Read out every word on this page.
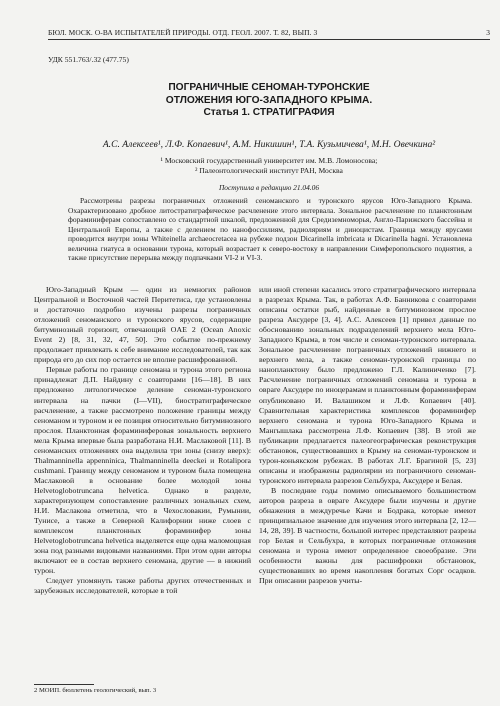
БЮЛ. МОСК. О-ВА ИСПЫТАТЕЛЕЙ ПРИРОДЫ. ОТД. ГЕОЛ. 2007. Т. 82, ВЫП. 3	3
УДК 551.763/.32 (477.75)
ПОГРАНИЧНЫЕ СЕНОМАН-ТУРОНСКИЕ
ОТЛОЖЕНИЯ ЮГО-ЗАПАДНОГО КРЫМА.
Статья 1. СТРАТИГРАФИЯ
А.С. Алексеев¹, Л.Ф. Копаевич¹, А.М. Никишин¹, Т.А. Кузьмичева¹, М.Н. Овечкина²
¹ Московский государственный университет им. М.В. Ломоносова;
² Палеонтологический институт РАН, Москва
Поступила в редакцию 21.04.06
Рассмотрены разрезы пограничных отложений сеноманского и туронского ярусов Юго-Западного Крыма. Охарактеризовано дробное литостратиграфическое расчленение этого интервала. Зональное расчленение по планктонным фораминиферам сопоставлено со стандартной шкалой, предложенной для Средиземноморья, Англо-Парижского бассейна и Центральной Европы, а также с делением по нанофоссилиям, радиоляриям и диноцистам. Граница между ярусами проводится внутри зоны Whiteinella archaeocretacea на рубеже подзон Dicarinella imbricata и Dicarinella hagni. Установлена величина гиатуса в основании турона, который возрастает к северо-востоку в направлении Симферопольского поднятия, а также присутствие перерыва между подпачками VI-2 и VI-3.

Юго-Западный Крым — один из немногих районов Центральной и Восточной частей Перитетиса, где установлены и достаточно подробно изучены разрезы пограничных отложений сеноманского и туронского ярусов, содержащие битуминозный горизонт, отвечающий OAE 2 (Ocean Anoxic Event 2) [8, 31, 32, 47, 50]. Это событие по-прежнему продолжает привлекать к себе внимание исследователей, так как природа его до сих пор остается не вполне расшифрованной.

Первые работы по границе сеномана и турона этого региона принадлежат Д.П. Найдину с соавторами [16—18]. В них предложено литологическое деление сеноман-туронского интервала на пачки (I—VII), биостратиграфическое расчленение, а также рассмотрено положение границы между сеноманом и туроном и ее позиция относительно битуминозного прослоя. Планктонная фораминиферовая зональность верхнего мела Крыма впервые была разработана Н.И. Маслаковой [11]. В сеноманских отложениях она выделила три зоны (снизу вверх): Thalmanninella appenninica, Thalmanninella deeckei и Rotalipora cushmani. Границу между сеноманом и туроном была помещена Маслаковой в основание более молодой зоны Helvetoglobotruncana helvetica. Однако в разделе, характеризующем сопоставление различных зональных схем, Н.И. Маслакова отметила, что в Чехословакии, Румынии, Тунисе, а также в Северной Калифорнии ниже слоев с комплексом планктонных фораминифер зоны Helvetoglobotruncana helvetica выделяется еще одна маломощная зона под разными видовыми названиями. При этом одни авторы включают ее в состав верхнего сеномана, другие — в нижний турон.

Следует упомянуть также работы других отечественных и зарубежных исследователей, которые в той

или иной степени касались этого стратиграфического интервала в разрезах Крыма. Так, в работах А.Ф. Банникова с соавторами описаны остатки рыб, найденные в битуминозном прослое разреза Аксудере [3, 4]. А.С. Алексеев [1] привел данные по обоснованию зональных подразделений верхнего мела Юго-Западного Крыма, в том числе и сеноман-туронского интервала. Зональное расчленение пограничных отложений нижнего и верхнего мела, а также сеноман-туронской границы по нанопланктону было предложено Г.Л. Калиниченко [7]. Расчленение пограничных отложений сеномана и турона в овраге Аксудере по иноцерамам и планктонным фораминиферам опубликовано И. Валашиком и Л.Ф. Копаевич [40]. Сравнительная характеристика комплексов фораминифер верхнего сеномана и турона Юго-Западного Крыма и Мангышлака рассмотрена Л.Ф. Копаевич [38]. В этой же публикации предлагается палеогеографическая реконструкция обстановок, существовавших в Крыму на сеноман-туронском и турон-коньякском рубежах. В работах Л.Г. Брагиной [5, 23] описаны и изображены радиолярии из пограничного сеноман-туронского интервала разрезов Сельбухра, Аксудере и Белая.

В последние годы помимо описываемого большинством авторов разреза в овраге Аксудере были изучены и другие обнажения в междуречье Качи и Бодрака, которые имеют принципиальное значение для изучения этого интервала [2, 12—14, 28, 39]. В частности, большой интерес представляют разрезы гор Белая и Сельбухра, в которых пограничные отложения сеномана и турона имеют определенное своеобразие. Эти особенности важны для расшифровки обстановок, существовавших во время накопления богатых Cорг осадков. При описании разрезов учиты-

2 МОИП. бюллетень геологический, вып. 3
